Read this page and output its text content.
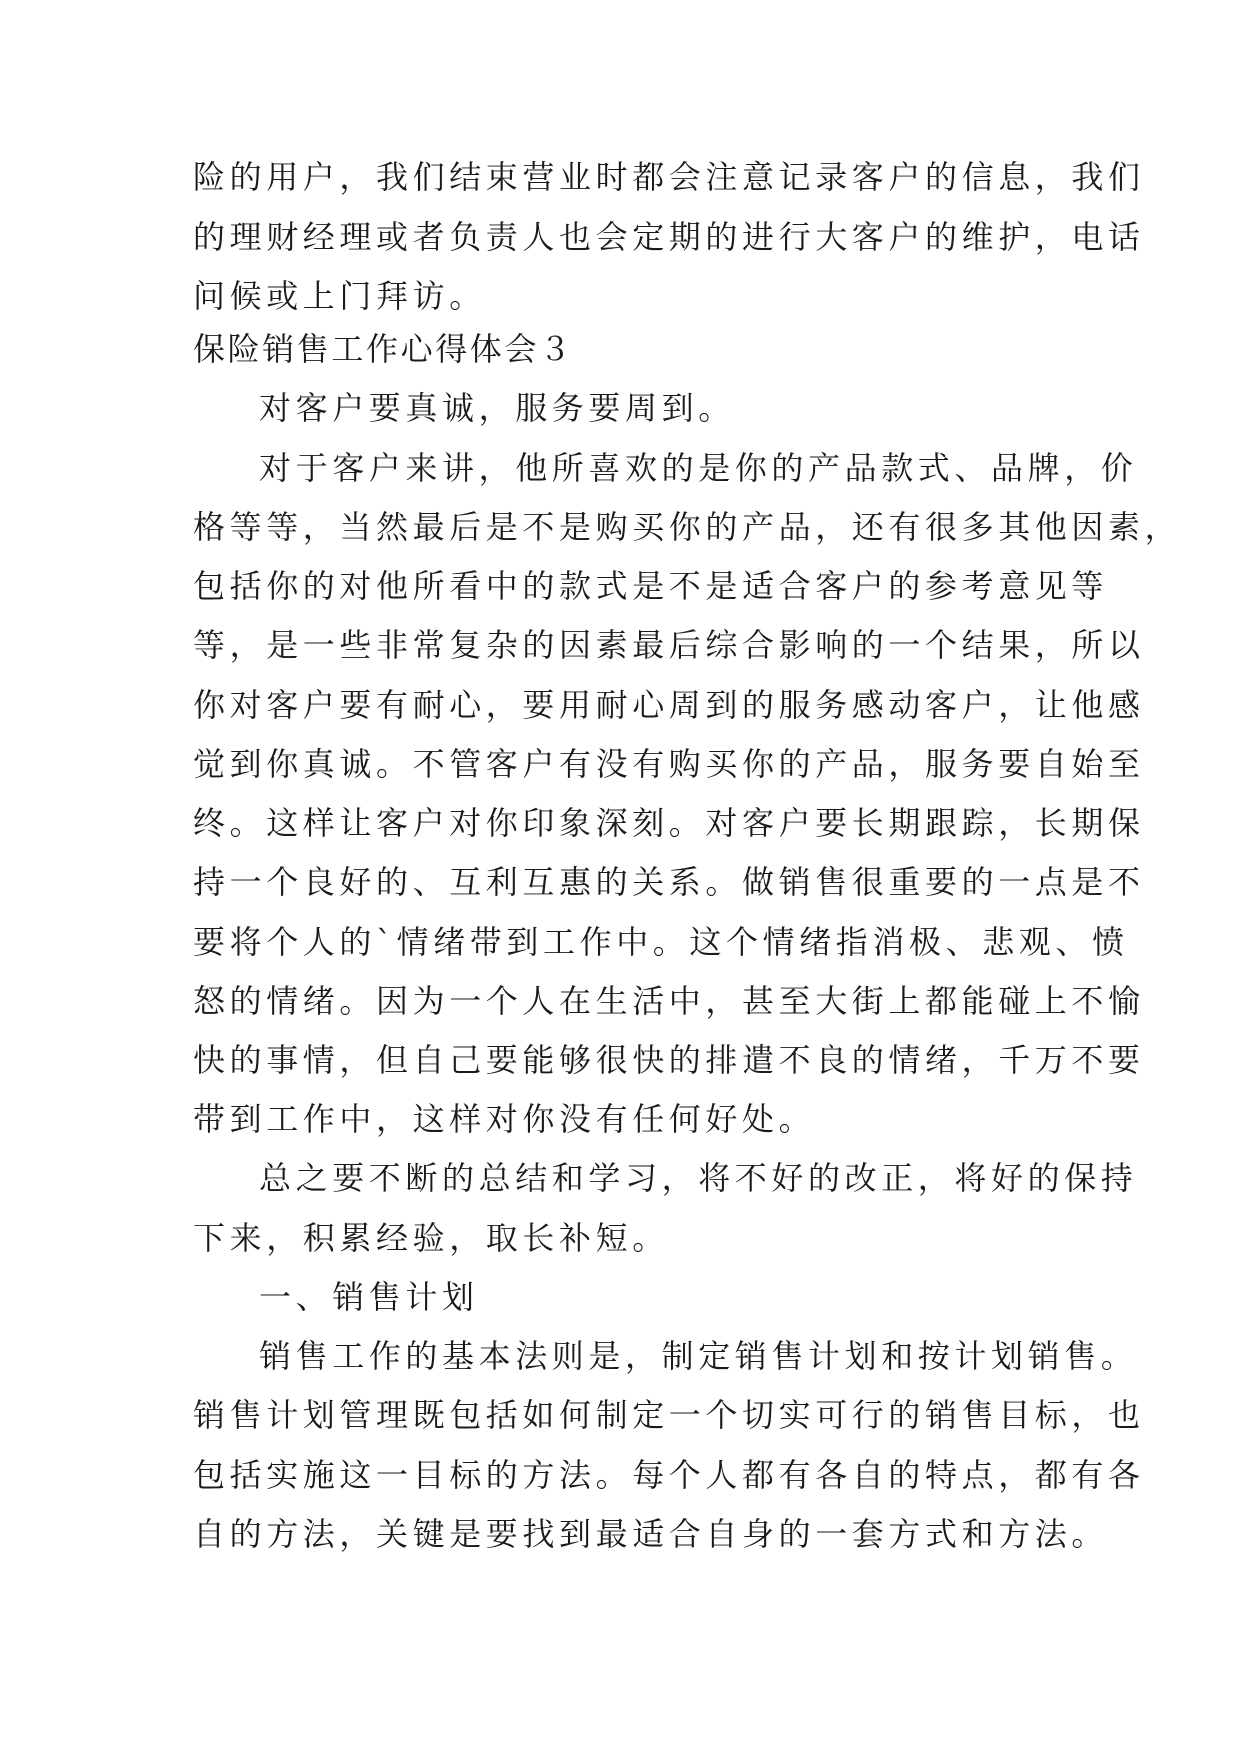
险的用户，我们结束营业时都会注意记录客户的信息，我们
的理财经理或者负责人也会定期的进行大客户的维护，电话
问候或上门拜访。
保险销售工作心得体会３
对客户要真诚，服务要周到。
对于客户来讲，他所喜欢的是你的产品款式、品牌，价
格等等，当然最后是不是购买你的产品，还有很多其他因素，
包括你的对他所看中的款式是不是适合客户的参考意见等
等，是一些非常复杂的因素最后综合影响的一个结果，所以
你对客户要有耐心，要用耐心周到的服务感动客户，让他感
觉到你真诚。不管客户有没有购买你的产品，服务要自始至
终。这样让客户对你印象深刻。对客户要长期跟踪，长期保
持一个良好的、互利互惠的关系。做销售很重要的一点是不
要将个人的`情绪带到工作中。这个情绪指消极、悲观、愤
怒的情绪。因为一个人在生活中，甚至大街上都能碰上不愉
快的事情，但自己要能够很快的排遣不良的情绪，千万不要
带到工作中，这样对你没有任何好处。
总之要不断的总结和学习，将不好的改正，将好的保持
下来，积累经验，取长补短。
一、销售计划
销售工作的基本法则是，制定销售计划和按计划销售。
销售计划管理既包括如何制定一个切实可行的销售目标，也
包括实施这一目标的方法。每个人都有各自的特点，都有各
自的方法，关键是要找到最适合自身的一套方式和方法。
